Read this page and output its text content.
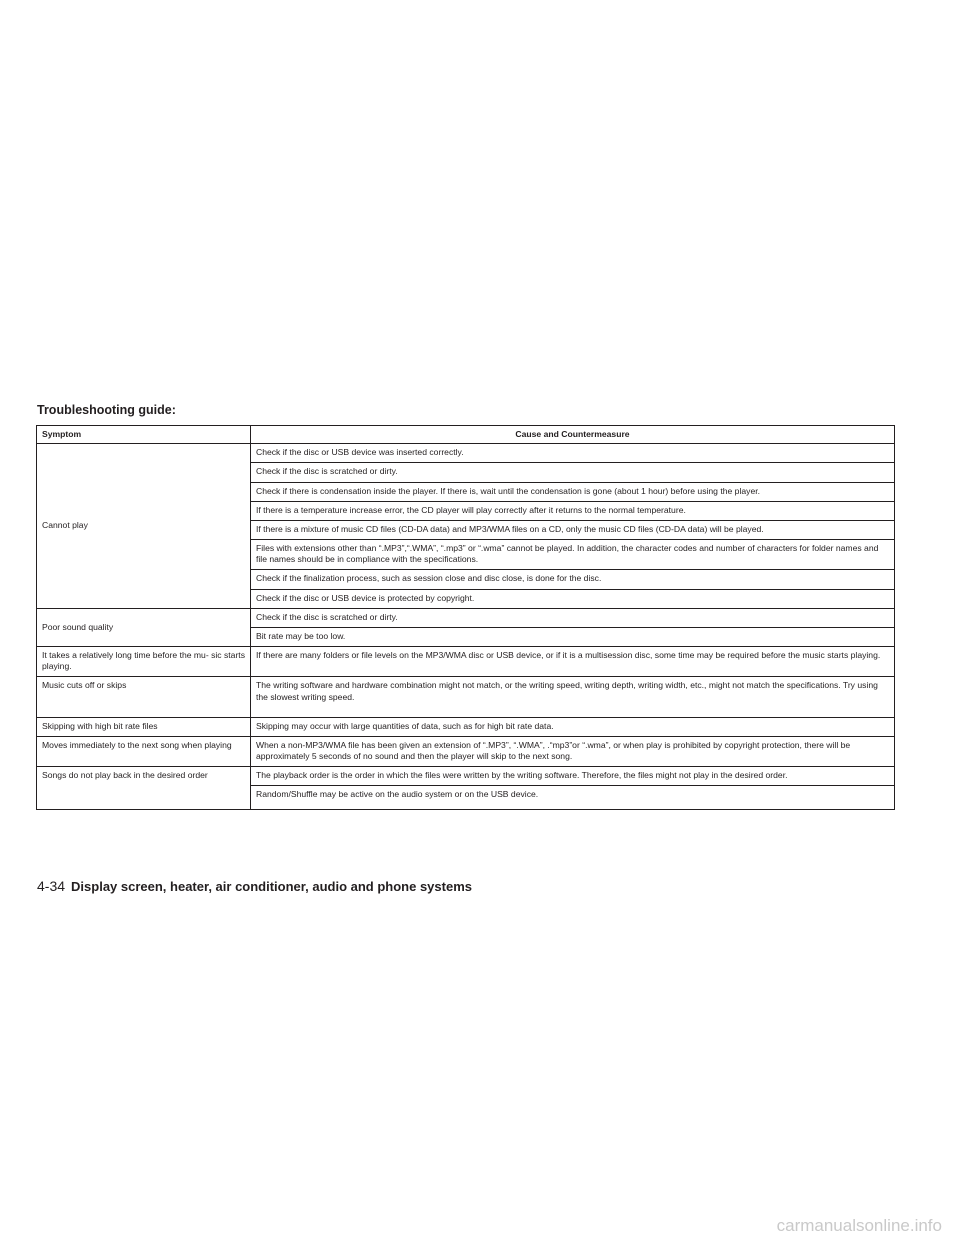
Troubleshooting guide:
Symptom	Cause and Countermeasure
Cannot play	Check if the disc or USB device was inserted correctly.
	Check if the disc is scratched or dirty.
	Check if there is condensation inside the player. If there is, wait until the condensation is gone (about 1 hour) before using the player.
	If there is a temperature increase error, the CD player will play correctly after it returns to the normal temperature.
	If there is a mixture of music CD files (CD-DA data) and MP3/WMA files on a CD, only the music CD files (CD-DA data) will be played.
	Files with extensions other than “.MP3”,“.WMA”, “.mp3” or “.wma” cannot be played. In addition, the character codes and number of characters for folder names and file names should be in compliance with the specifications.
	Check if the finalization process, such as session close and disc close, is done for the disc.
	Check if the disc or USB device is protected by copyright.
Poor sound quality	Check if the disc is scratched or dirty.
	Bit rate may be too low.
It takes a relatively long time before the mu- sic starts playing.	If there are many folders or file levels on the MP3/WMA disc or USB device, or if it is a multisession disc, some time may be required before the music starts playing.
Music cuts off or skips	The writing software and hardware combination might not match, or the writing speed, writing depth, writing width, etc., might not match the specifications. Try using the slowest writing speed.
Skipping with high bit rate files	Skipping may occur with large quantities of data, such as for high bit rate data.
Moves immediately to the next song when playing	When a non-MP3/WMA file has been given an extension of “.MP3”, “.WMA”, .“mp3”or “.wma”, or when play is prohibited by copyright protection, there will be approximately 5 seconds of no sound and then the player will skip to the next song.
Songs do not play back in the desired order	The playback order is the order in which the files were written by the writing software. Therefore, the files might not play in the desired order.
	Random/Shuffle may be active on the audio system or on the USB device.
4-34 Display screen, heater, air conditioner, audio and phone systems
carmanualsonline.info
